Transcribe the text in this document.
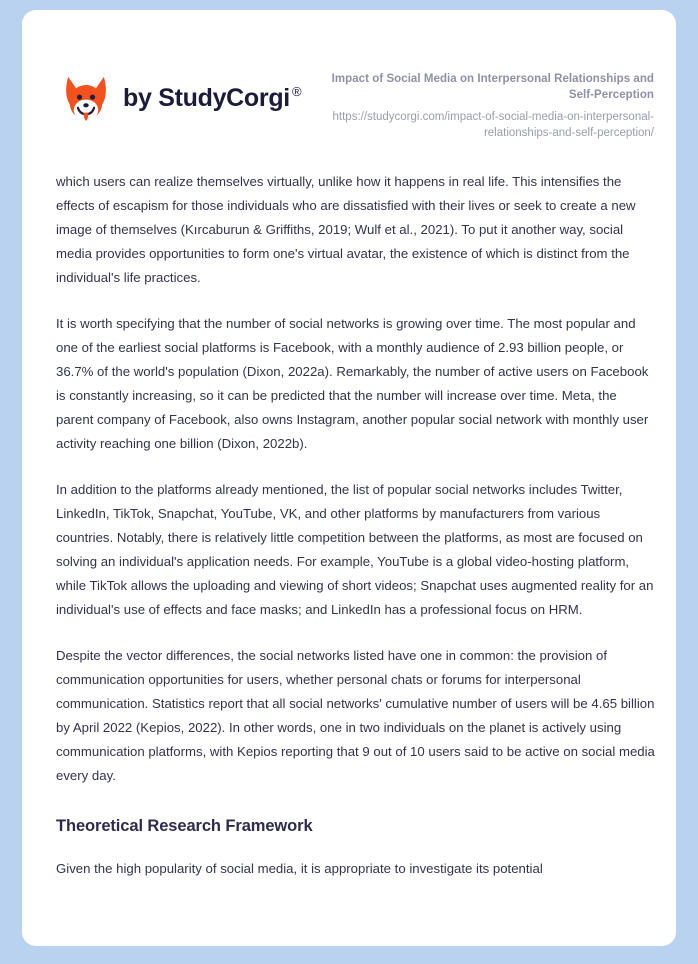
by StudyCorgi ®
Impact of Social Media on Interpersonal Relationships and Self-Perception
https://studycorgi.com/impact-of-social-media-on-interpersonal-relationships-and-self-perception/

which users can realize themselves virtually, unlike how it happens in real life. This intensifies the effects of escapism for those individuals who are dissatisfied with their lives or seek to create a new image of themselves (Kırcaburun & Griffiths, 2019; Wulf et al., 2021). To put it another way, social media provides opportunities to form one's virtual avatar, the existence of which is distinct from the individual's life practices.

It is worth specifying that the number of social networks is growing over time. The most popular and one of the earliest social platforms is Facebook, with a monthly audience of 2.93 billion people, or 36.7% of the world's population (Dixon, 2022a). Remarkably, the number of active users on Facebook is constantly increasing, so it can be predicted that the number will increase over time. Meta, the parent company of Facebook, also owns Instagram, another popular social network with monthly user activity reaching one billion (Dixon, 2022b).

In addition to the platforms already mentioned, the list of popular social networks includes Twitter, LinkedIn, TikTok, Snapchat, YouTube, VK, and other platforms by manufacturers from various countries. Notably, there is relatively little competition between the platforms, as most are focused on solving an individual's application needs. For example, YouTube is a global video-hosting platform, while TikTok allows the uploading and viewing of short videos; Snapchat uses augmented reality for an individual's use of effects and face masks; and LinkedIn has a professional focus on HRM.

Despite the vector differences, the social networks listed have one in common: the provision of communication opportunities for users, whether personal chats or forums for interpersonal communication. Statistics report that all social networks' cumulative number of users will be 4.65 billion by April 2022 (Kepios, 2022). In other words, one in two individuals on the planet is actively using communication platforms, with Kepios reporting that 9 out of 10 users said to be active on social media every day.

Theoretical Research Framework

Given the high popularity of social media, it is appropriate to investigate its potential
